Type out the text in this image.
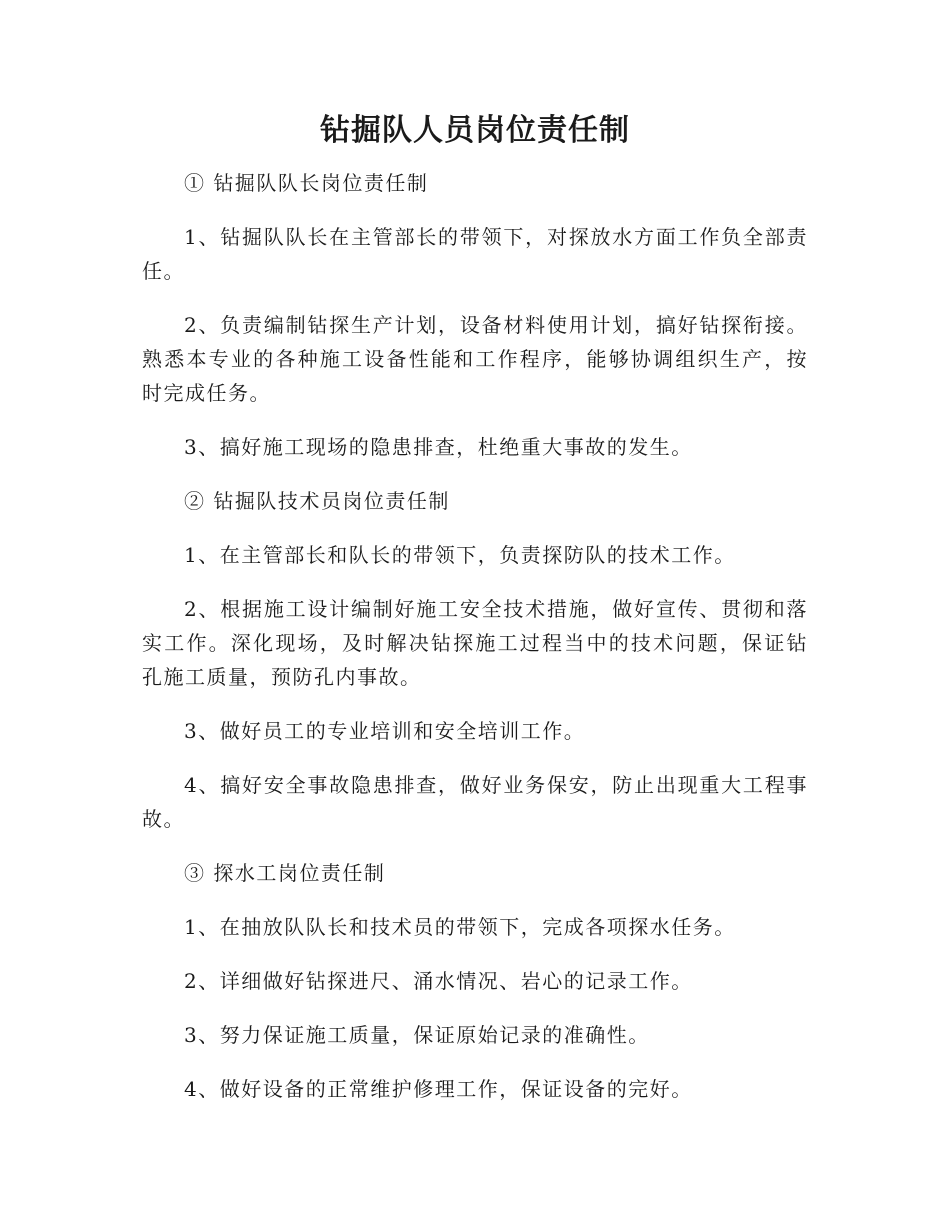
钻掘队人员岗位责任制

① 钻掘队队长岗位责任制

1、钻掘队队长在主管部长的带领下，对探放水方面工作负全部责任。

2、负责编制钻探生产计划，设备材料使用计划，搞好钻探衔接。熟悉本专业的各种施工设备性能和工作程序，能够协调组织生产，按时完成任务。

3、搞好施工现场的隐患排查，杜绝重大事故的发生。

② 钻掘队技术员岗位责任制

1、在主管部长和队长的带领下，负责探防队的技术工作。

2、根据施工设计编制好施工安全技术措施，做好宣传、贯彻和落实工作。深化现场，及时解决钻探施工过程当中的技术问题，保证钻孔施工质量，预防孔内事故。

3、做好员工的专业培训和安全培训工作。

4、搞好安全事故隐患排查，做好业务保安，防止出现重大工程事故。

③ 探水工岗位责任制

1、在抽放队队长和技术员的带领下，完成各项探水任务。

2、详细做好钻探进尺、涌水情况、岩心的记录工作。

3、努力保证施工质量，保证原始记录的准确性。

4、做好设备的正常维护修理工作，保证设备的完好。
